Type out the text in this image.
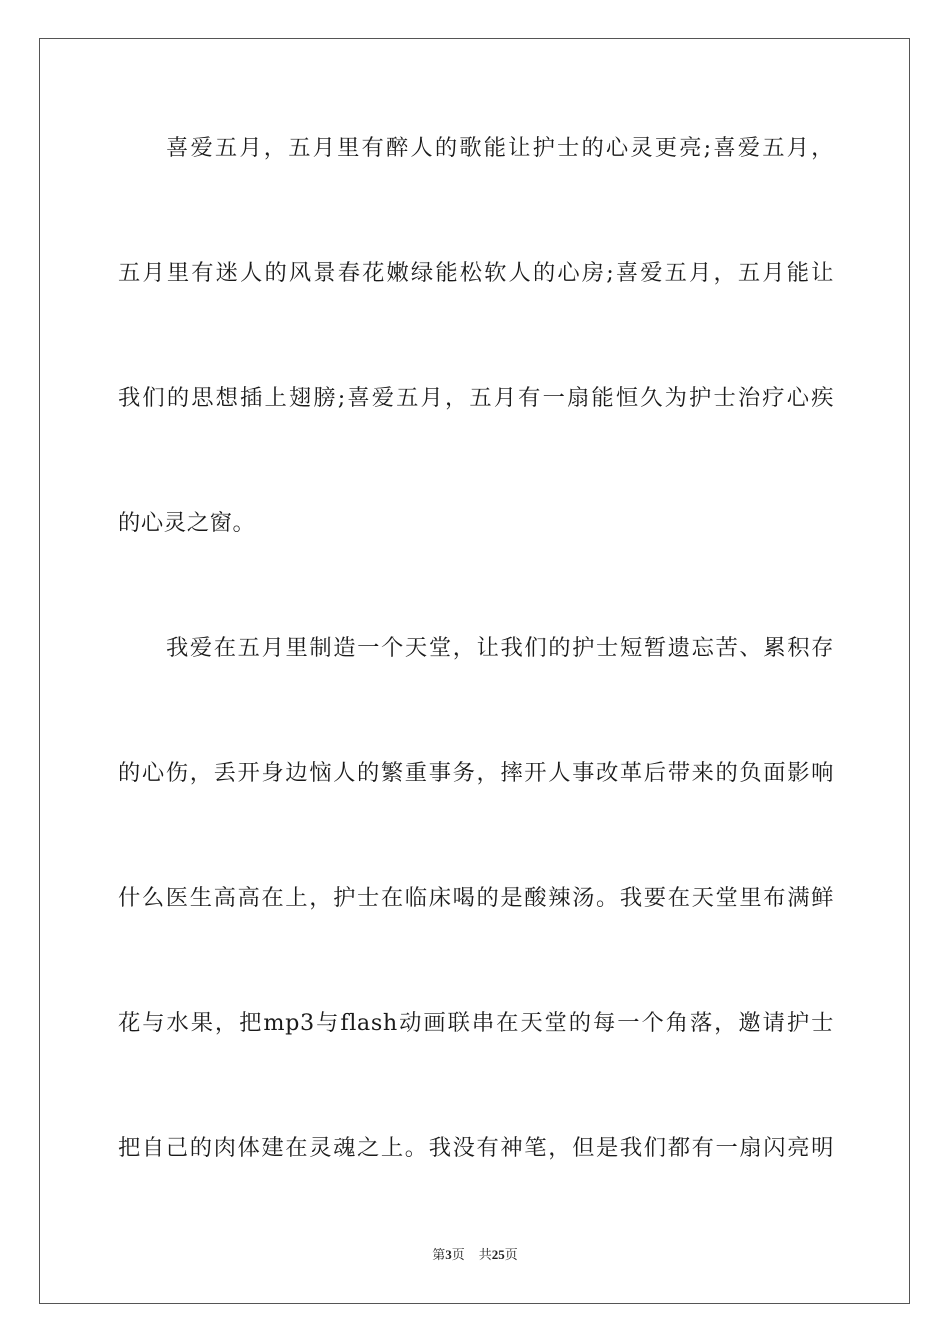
喜爱五月，五月里有醉人的歌能让护士的心灵更亮;喜爱五月，
五月里有迷人的风景春花嫩绿能松软人的心房;喜爱五月，五月能让
我们的思想插上翅膀;喜爱五月，五月有一扇能恒久为护士治疗心疾
的心灵之窗。
我爱在五月里制造一个天堂，让我们的护士短暂遗忘苦、累积存
的心伤，丢开身边恼人的繁重事务，摔开人事改革后带来的负面影响
什么医生高高在上，护士在临床喝的是酸辣汤。我要在天堂里布满鲜
花与水果，把mp3与flash动画联串在天堂的每一个角落，邀请护士
把自己的肉体建在灵魂之上。我没有神笔，但是我们都有一扇闪亮明
第3页 共25页
